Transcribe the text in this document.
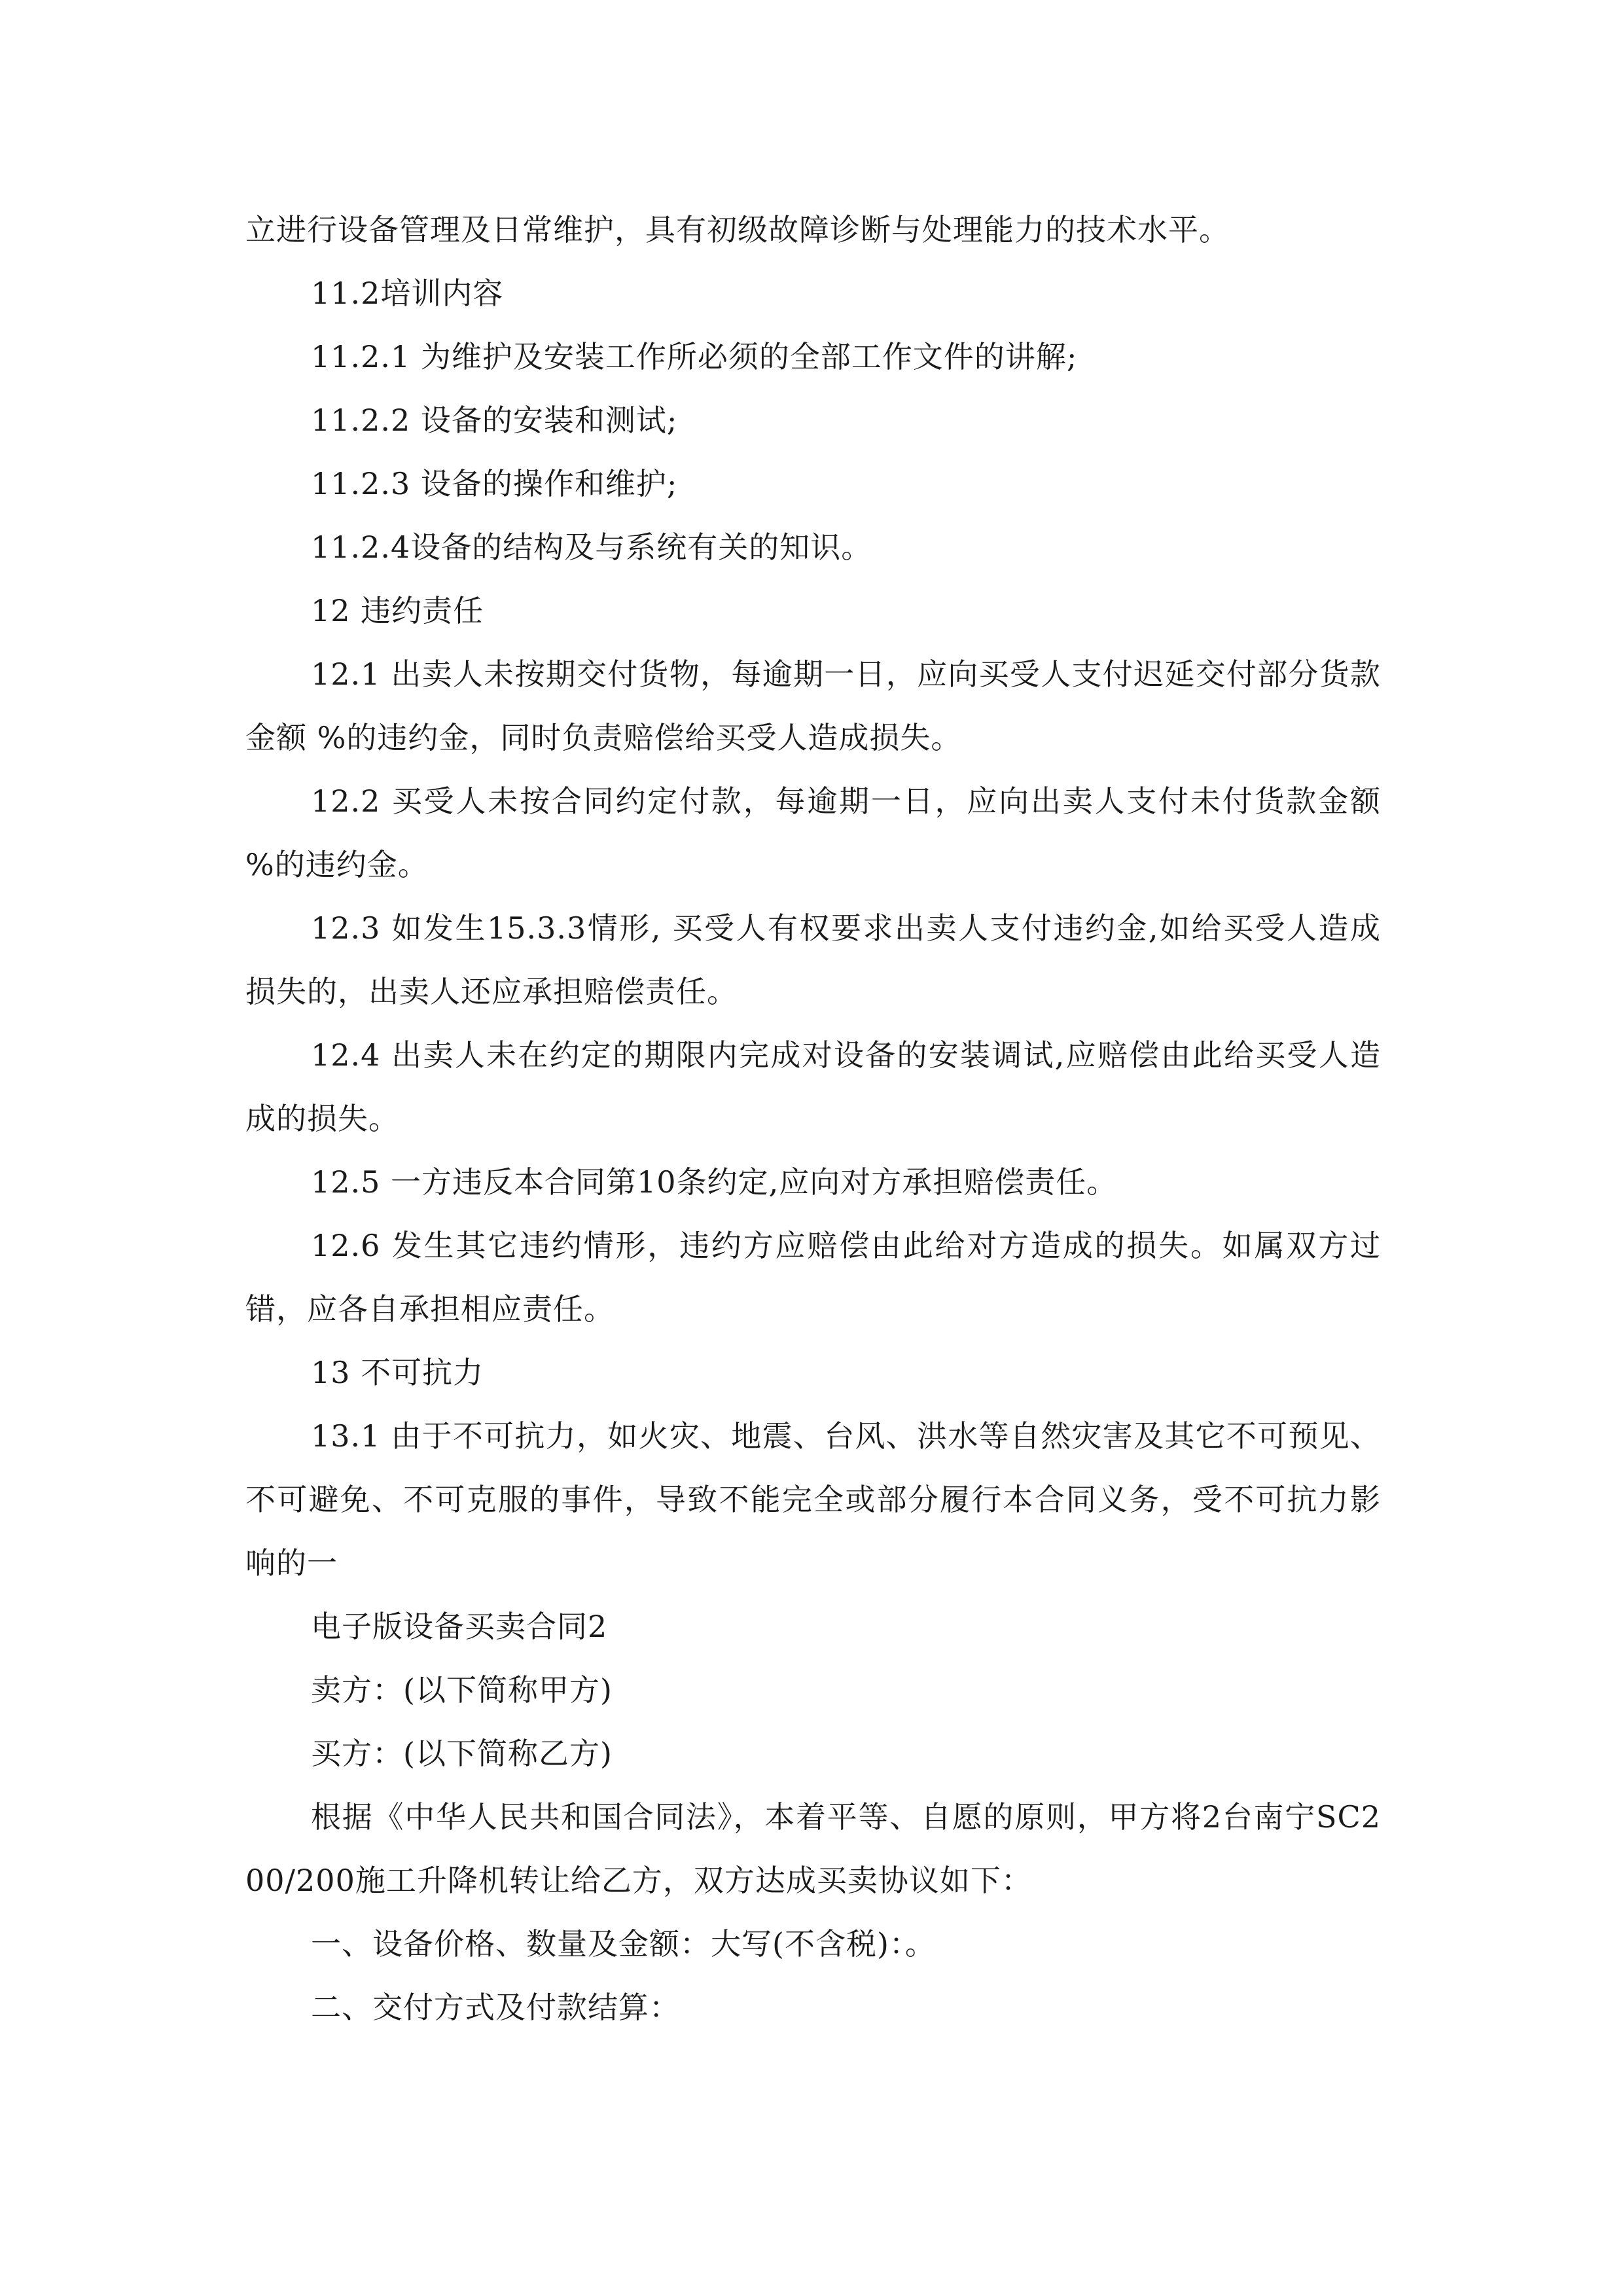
立进行设备管理及日常维护，具有初级故障诊断与处理能力的技术水平。

11.2培训内容

11.2.1 为维护及安装工作所必须的全部工作文件的讲解;

11.2.2 设备的安装和测试;

11.2.3 设备的操作和维护;

11.2.4设备的结构及与系统有关的知识。

12 违约责任

12.1 出卖人未按期交付货物，每逾期一日，应向买受人支付迟延交付部分货款金额 %的违约金，同时负责赔偿给买受人造成损失。

12.2 买受人未按合同约定付款，每逾期一日，应向出卖人支付未付货款金额 %的违约金。

12.3 如发生15.3.3情形, 买受人有权要求出卖人支付违约金,如给买受人造成损失的，出卖人还应承担赔偿责任。

12.4 出卖人未在约定的期限内完成对设备的安装调试,应赔偿由此给买受人造成的损失。

12.5 一方违反本合同第10条约定,应向对方承担赔偿责任。

12.6 发生其它违约情形，违约方应赔偿由此给对方造成的损失。如属双方过错，应各自承担相应责任。

13 不可抗力

13.1 由于不可抗力，如火灾、地震、台风、洪水等自然灾害及其它不可预见、不可避免、不可克服的事件，导致不能完全或部分履行本合同义务，受不可抗力影响的一

电子版设备买卖合同2

卖方：(以下简称甲方)

买方：(以下简称乙方)

根据《中华人民共和国合同法》，本着平等、自愿的原则，甲方将2台南宁SC200/200施工升降机转让给乙方，双方达成买卖协议如下：

一、设备价格、数量及金额：大写(不含税)：。

二、交付方式及付款结算：
